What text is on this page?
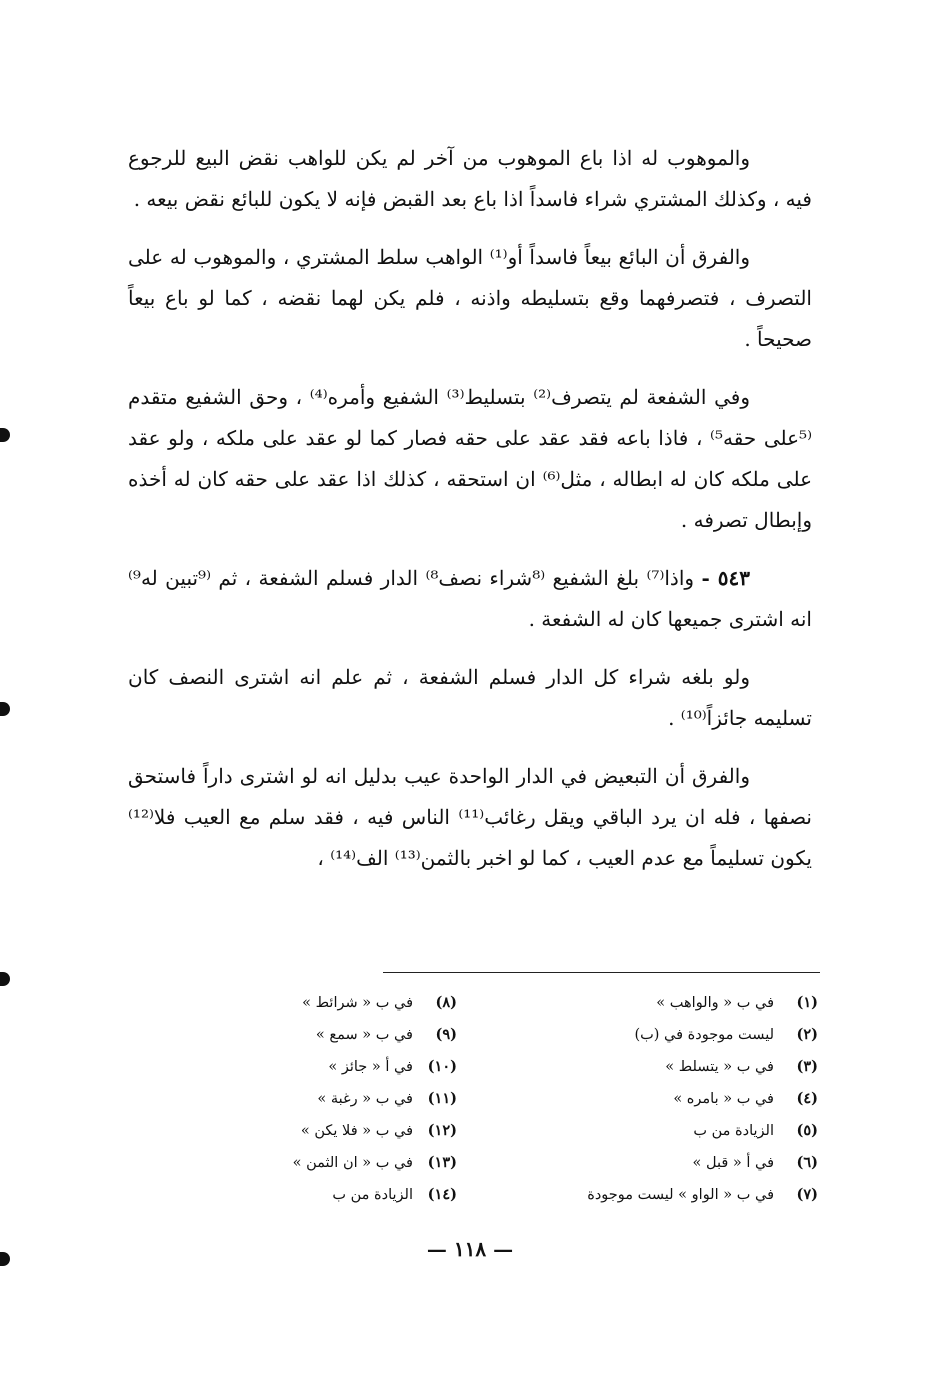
والموهوب له اذا باع الموهوب من آخر لم يكن للواهب نقض البيع للرجوع فيه ، وكذلك المشتري شراء فاسداً اذا باع بعد القبض فإنه لا يكون للبائع نقض بيعه .

والفرق أن البائع بيعاً فاسداً أو⁽¹⁾ الواهب سلط المشتري ، والموهوب له على التصرف ، فتصرفهما وقع بتسليطه واذنه ، فلم يكن لهما نقضه ، كما لو باع بيعاً صحيحاً .

وفي الشفعة لم يتصرف⁽²⁾ بتسليط⁽³⁾ الشفيع وأمره⁽⁴⁾ ، وحق الشفيع متقدم ⁽⁵على حقه⁵⁾ ، فاذا باعه فقد عقد على حقه فصار كما لو عقد على ملكه ، ولو عقد على ملكه كان له ابطاله ، مثل⁽⁶⁾ ان استحقه ، كذلك اذا عقد على حقه كان له أخذه وإبطال تصرفه .

٥٤٣ - واذا⁽⁷⁾ بلغ الشفيع ⁽⁸شراء نصف⁸⁾ الدار فسلم الشفعة ، ثم ⁽⁹تبين له⁹⁾ انه اشترى جميعها كان له الشفعة .

ولو بلغه شراء كل الدار فسلم الشفعة ، ثم علم انه اشترى النصف كان تسليمه جائزاً⁽¹⁰⁾ .

والفرق أن التبعيض في الدار الواحدة عيب بدليل انه لو اشترى داراً فاستحق نصفها ، فله ان يرد الباقي ويقل رغائب⁽¹¹⁾ الناس فيه ، فقد سلم مع العيب فلا⁽¹²⁾ يكون تسليماً مع عدم العيب ، كما لو اخبر بالثمن⁽¹³⁾ الف⁽¹⁴⁾ ،

(١)في ب « والواهب »
(٢)ليست موجودة في (ب)
(٣)في ب « يتسلط »
(٤)في ب « بامره »
(٥)الزيادة من ب
(٦)في أ « قبل »
(٧)في ب « الواو » ليست موجودة
(٨)في ب « شرائط »
(٩)في ب « سمع »
(١٠)في أ « جائز »
(١١)في ب « رغبة »
(١٢)في ب « فلا يكن »
(١٣)في ب « ان الثمن »
(١٤)الزيادة من ب
— ١١٨ —
